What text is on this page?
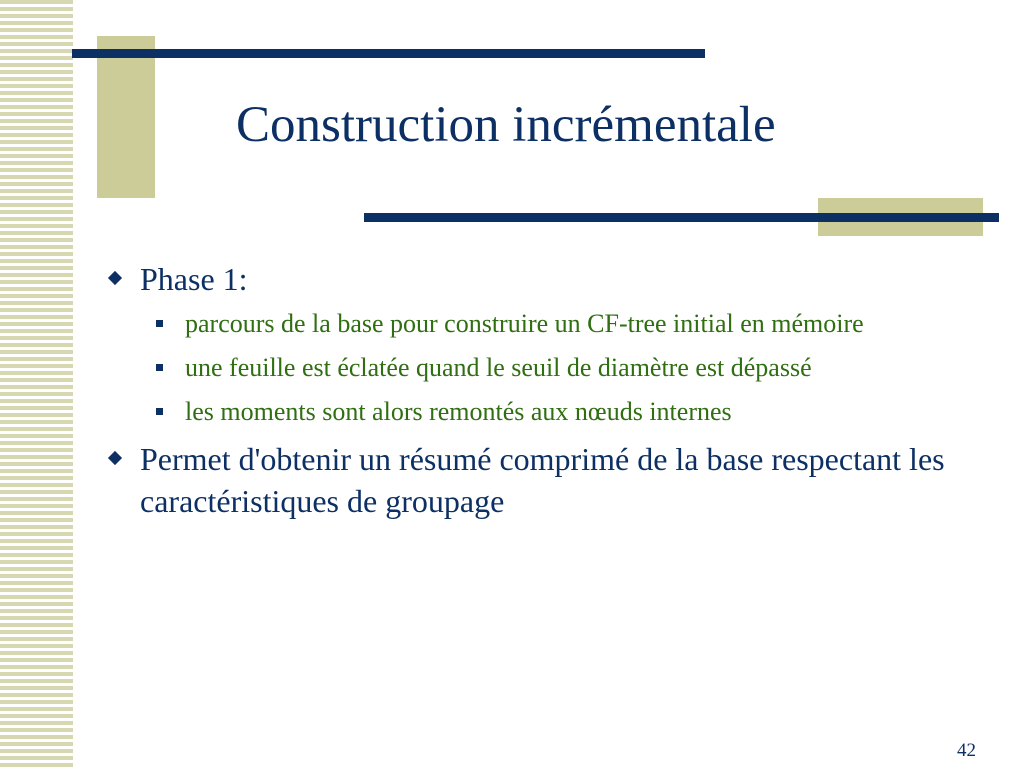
Construction incrémentale
Phase 1:
parcours de la base pour construire un CF-tree initial en mémoire
une feuille est éclatée quand le seuil de diamètre est dépassé
les moments sont alors remontés aux nœuds internes
Permet d'obtenir un résumé comprimé de la base respectant les caractéristiques de groupage
42
